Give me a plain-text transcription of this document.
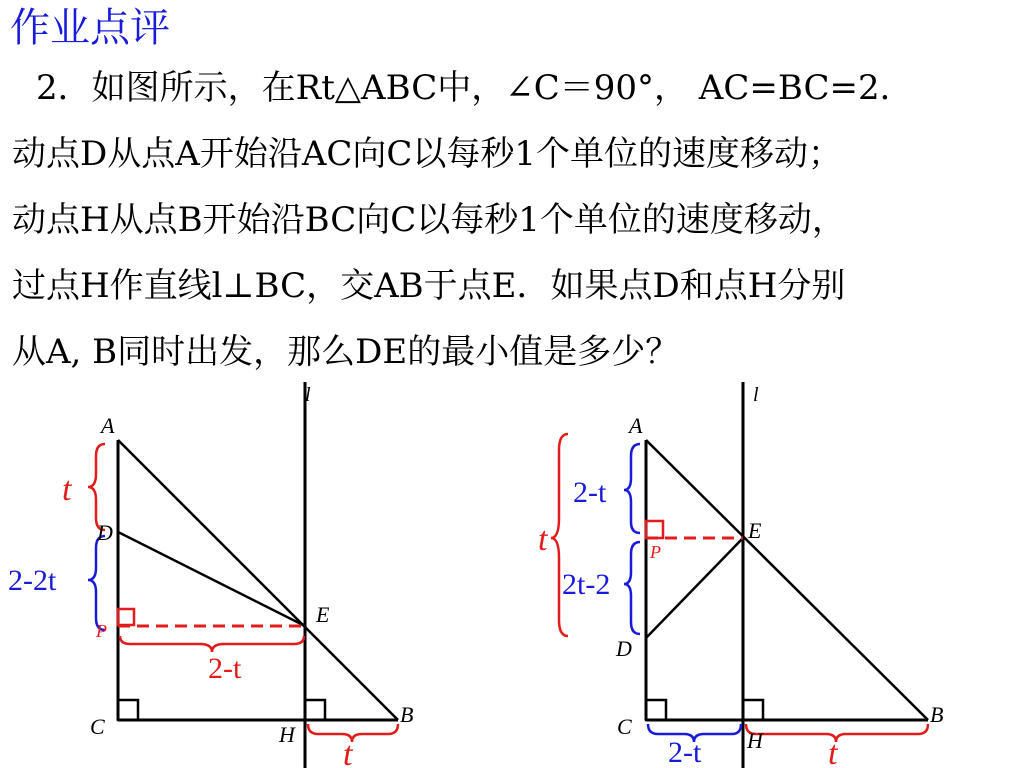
作业点评
2．如图所示，在Rt△ABC中，∠C＝90°， AC=BC=2．
动点D从点A开始沿AC向C以每秒1个单位的速度移动；
动点H从点B开始沿BC向C以每秒1个单位的速度移动，
过点H作直线l⊥BC，交AB于点E．如果点D和点H分别
从A, B同时出发，那么DE的最小值是多少？
l
A
D
P
E
C	H
B
t
2-2t
2-t
t
l
A
E
P
D
C
H
B
t
2-t
2t-2
2-t	t
